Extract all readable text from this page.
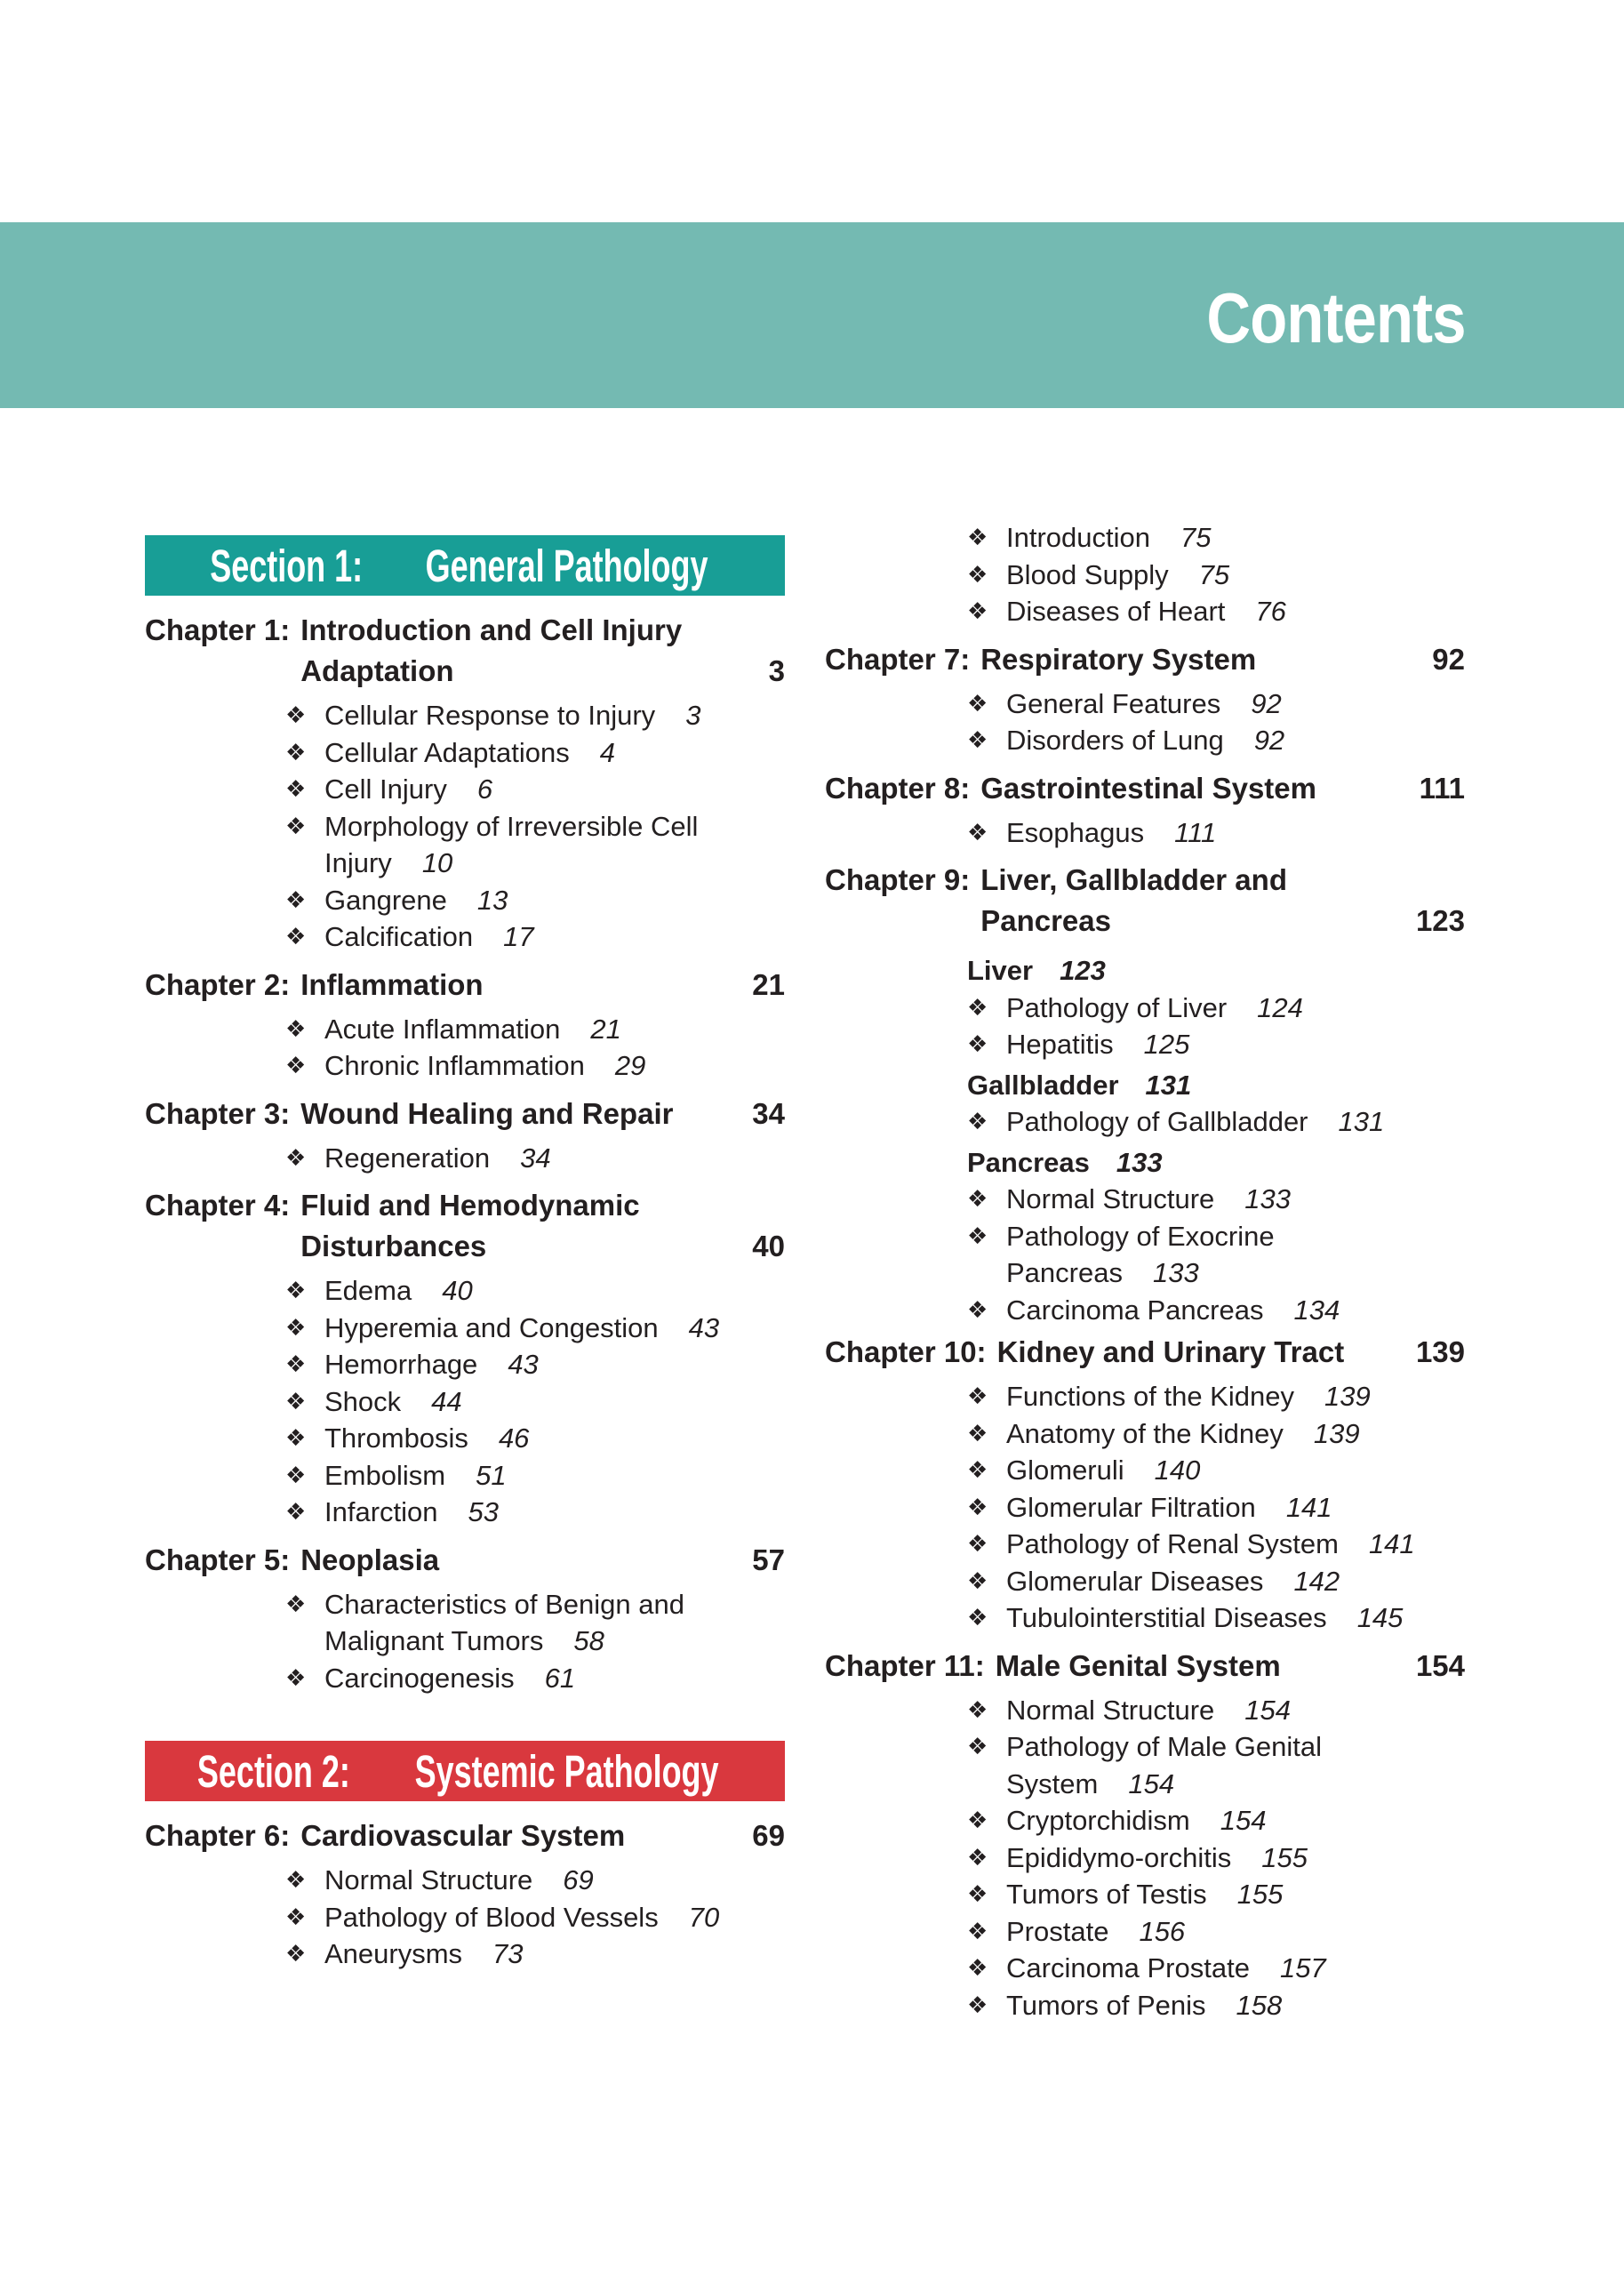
Contents
Section 1: General Pathology
Chapter 1: Introduction and Cell Injury Adaptation	3
❖ Cellular Response to Injury 3
❖ Cellular Adaptations 4
❖ Cell Injury 6
❖ Morphology of Irreversible Cell Injury 10
❖ Gangrene 13
❖ Calcification 17
Chapter 2: Inflammation	21
❖ Acute Inflammation 21
❖ Chronic Inflammation 29
Chapter 3: Wound Healing and Repair	34
❖ Regeneration 34
Chapter 4: Fluid and Hemodynamic Disturbances	40
❖ Edema 40
❖ Hyperemia and Congestion 43
❖ Hemorrhage 43
❖ Shock 44
❖ Thrombosis 46
❖ Embolism 51
❖ Infarction 53
Chapter 5: Neoplasia	57
❖ Characteristics of Benign and Malignant Tumors 58
❖ Carcinogenesis 61
Section 2: Systemic Pathology
Chapter 6: Cardiovascular System	69
❖ Normal Structure 69
❖ Pathology of Blood Vessels 70
❖ Aneurysms 73
❖ Introduction 75
❖ Blood Supply 75
❖ Diseases of Heart 76
Chapter 7: Respiratory System	92
❖ General Features 92
❖ Disorders of Lung 92
Chapter 8: Gastrointestinal System	111
❖ Esophagus 111
Chapter 9: Liver, Gallbladder and Pancreas	123
Liver 123
❖ Pathology of Liver 124
❖ Hepatitis 125
Gallbladder 131
❖ Pathology of Gallbladder 131
Pancreas 133
❖ Normal Structure 133
❖ Pathology of Exocrine Pancreas 133
❖ Carcinoma Pancreas 134
Chapter 10: Kidney and Urinary Tract	139
❖ Functions of the Kidney 139
❖ Anatomy of the Kidney 139
❖ Glomeruli 140
❖ Glomerular Filtration 141
❖ Pathology of Renal System 141
❖ Glomerular Diseases 142
❖ Tubulointerstitial Diseases 145
Chapter 11: Male Genital System	154
❖ Normal Structure 154
❖ Pathology of Male Genital System 154
❖ Cryptorchidism 154
❖ Epididymo-orchitis 155
❖ Tumors of Testis 155
❖ Prostate 156
❖ Carcinoma Prostate 157
❖ Tumors of Penis 158
